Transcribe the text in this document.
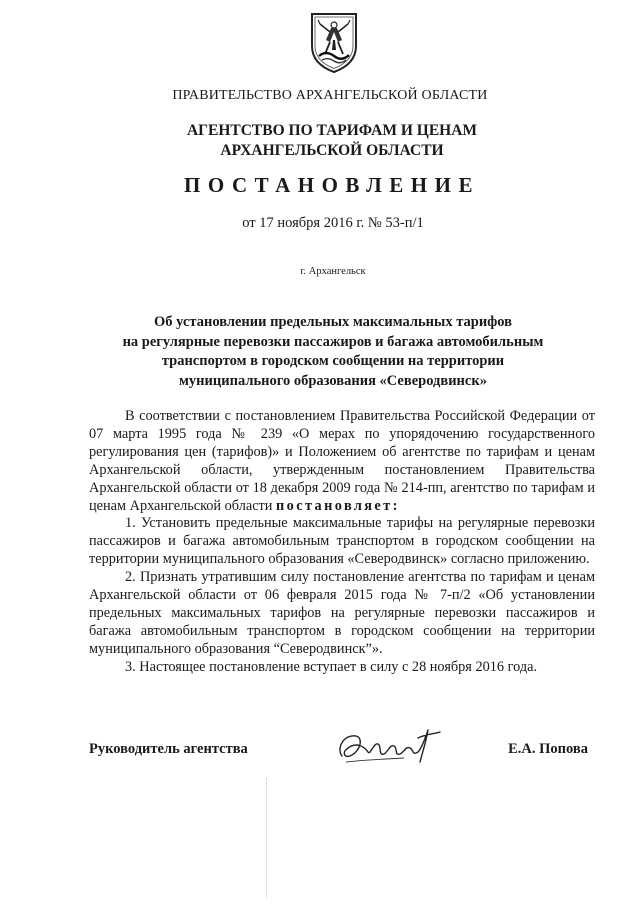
ПРАВИТЕЛЬСТВО АРХАНГЕЛЬСКОЙ ОБЛАСТИ
АГЕНТСТВО ПО ТАРИФАМ И ЦЕНАМ
АРХАНГЕЛЬСКОЙ ОБЛАСТИ
ПОСТАНОВЛЕНИЕ
от 17 ноября 2016 г. № 53-п/1
г. Архангельск
Об установлении предельных максимальных тарифов
на регулярные перевозки пассажиров и багажа автомобильным
транспортом в городском сообщении на территории
муниципального образования «Северодвинск»

В соответствии с постановлением Правительства Российской Федерации от 07 марта 1995 года № 239 «О мерах по упорядочению государственного регулирования цен (тарифов)» и Положением об агентстве по тарифам и ценам Архангельской области, утвержденным постановлением Правительства Архангельской области от 18 декабря 2009 года № 214-пп, агентство по тарифам и ценам Архангельской области постановляет:

1. Установить предельные максимальные тарифы на регулярные перевозки пассажиров и багажа автомобильным транспортом в городском сообщении на территории муниципального образования «Северодвинск» согласно приложению.

2. Признать утратившим силу постановление агентства по тарифам и ценам Архангельской области от 06 февраля 2015 года № 7-п/2 «Об установлении предельных максимальных тарифов на регулярные перевозки пассажиров и багажа автомобильным транспортом в городском сообщении на территории муниципального образования “Северодвинск”».

3. Настоящее постановление вступает в силу с 28 ноября 2016 года.

Руководитель агентства	Е.А. Попова
